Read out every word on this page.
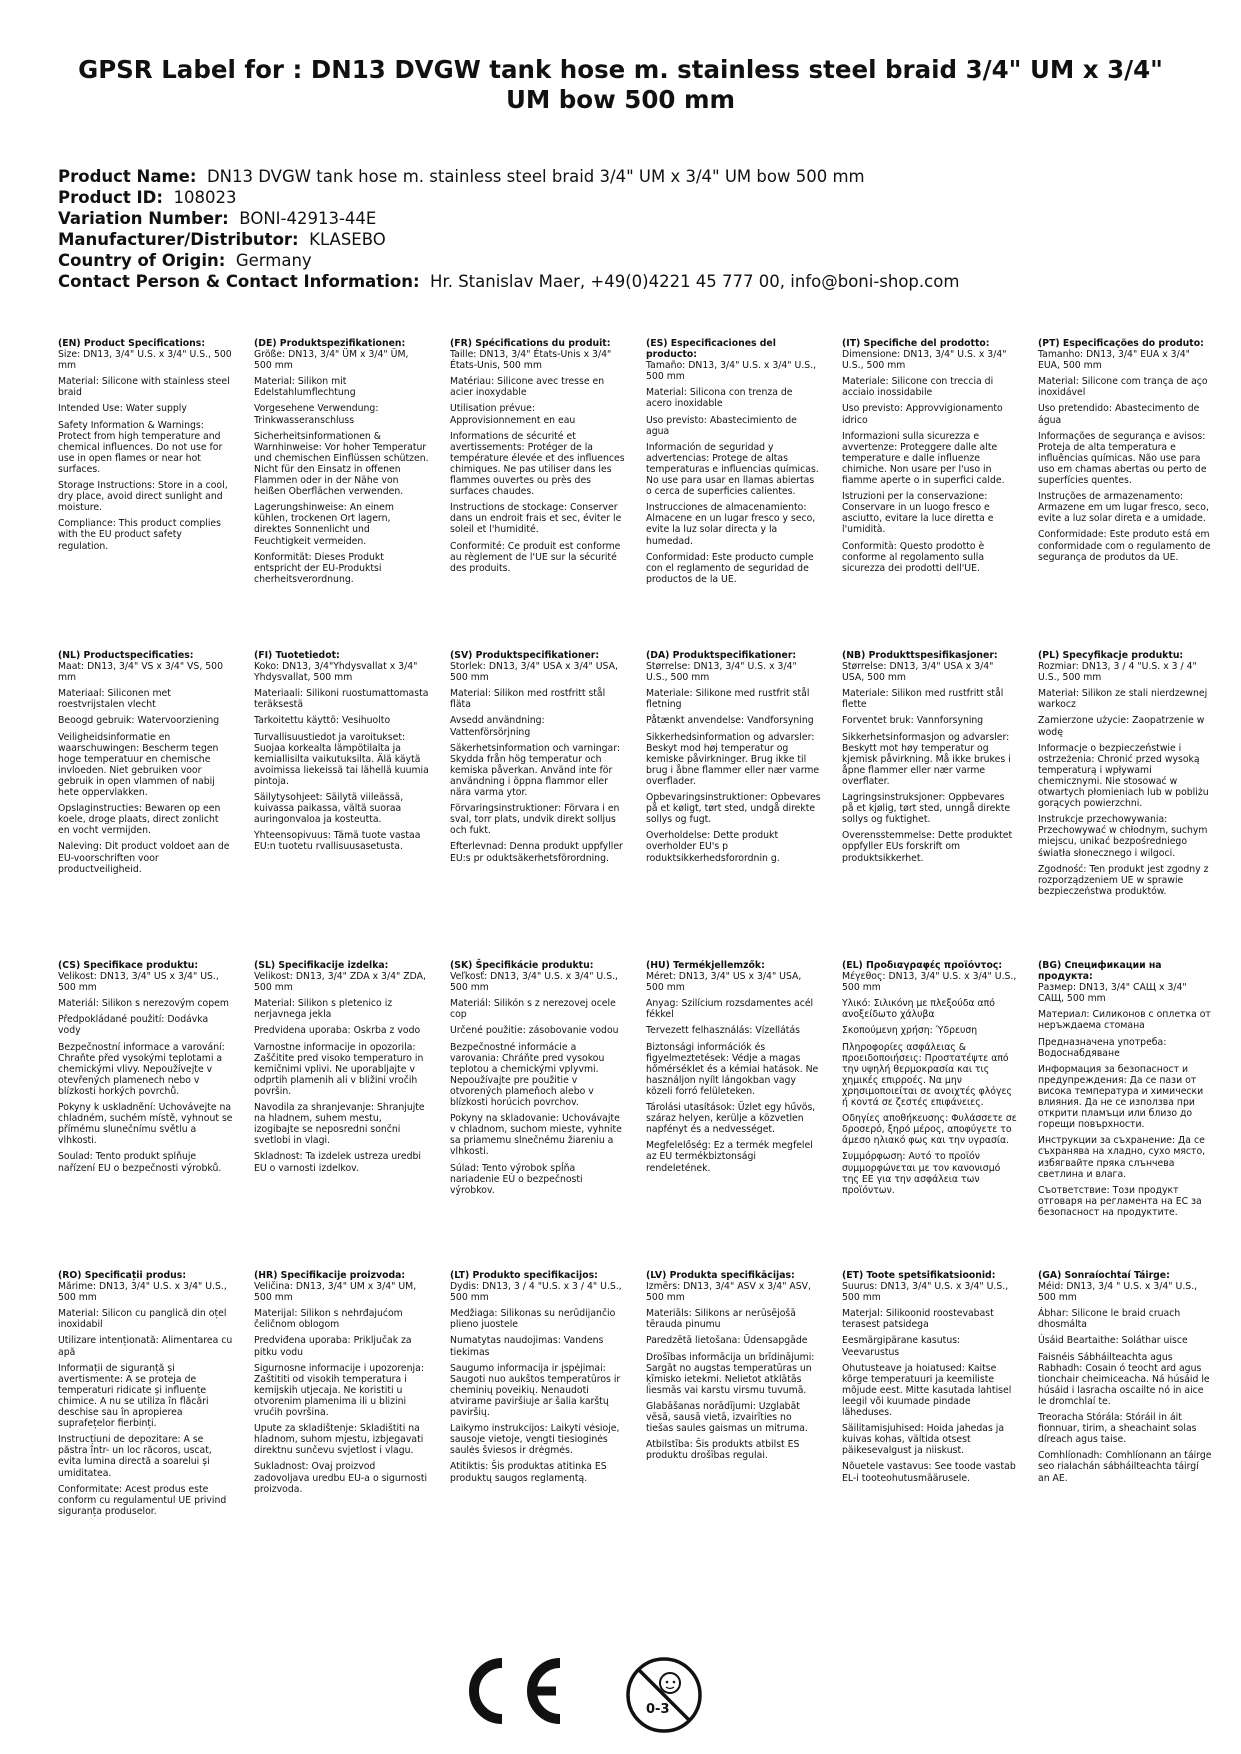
GPSR Label for : DN13 DVGW tank hose m. stainless steel braid 3/4" UM x 3/4" UM bow 500 mm
Product Name: DN13 DVGW tank hose m. stainless steel braid 3/4" UM x 3/4" UM bow 500 mm
Product ID: 108023
Variation Number: BONI-42913-44E
Manufacturer/Distributor: KLASEBO
Country of Origin: Germany
Contact Person & Contact Information: Hr. Stanislav Maer, +49(0)4221 45 777 00, info@boni-shop.com
(EN) Product Specifications:
Size: DN13, 3/4" U.S. x 3/4" U.S., 500 mm
Material: Silicone with stainless steel braid
Intended Use: Water supply
Safety Information & Warnings: Protect from high temperature and chemical influences. Do not use for use in open flames or near hot surfaces.
Storage Instructions: Store in a cool, dry place, avoid direct sunlight and moisture.
Compliance: This product complies with the EU product safety regulation.
(DE) Produktspezifikationen:
Größe: DN13, 3/4" ÜM x 3/4" ÜM, 500 mm
Material: Silikon mit Edelstahlumflechtung
Vorgesehene Verwendung: Trinkwasseranschluss
Sicherheitsinformationen & Warnhinweise: Vor hoher Temperatur und chemischen Einflüssen schützen. Nicht für den Einsatz in offenen Flammen oder in der Nähe von heißen Oberflächen verwenden.
Lagerungshinweise: An einem kühlen, trockenen Ort lagern, direktes Sonnenlicht und Feuchtigkeit vermeiden.
Konformität: Dieses Produkt entspricht der EU-Produktsi cherheitsverordnung.
(FR) Spécifications du produit:
Taille: DN13, 3/4" États-Unis x 3/4" États-Unis, 500 mm
Matériau: Silicone avec tresse en acier inoxydable
Utilisation prévue: Approvisionnement en eau
Informations de sécurité et avertissements: Protéger de la température élevée et des influences chimiques. Ne pas utiliser dans les flammes ouvertes ou près des surfaces chaudes.
Instructions de stockage: Conserver dans un endroit frais et sec, éviter le soleil et l'humidité.
Conformité: Ce produit est conforme au règlement de l'UE sur la sécurité des produits.
(ES) Especificaciones del producto:
Tamaño: DN13, 3/4" U.S. x 3/4" U.S., 500 mm
Material: Silicona con trenza de acero inoxidable
Uso previsto: Abastecimiento de agua
Información de seguridad y advertencias: Protege de altas temperaturas e influencias químicas. No use para usar en llamas abiertas o cerca de superficies calientes.
Instrucciones de almacenamiento: Almacene en un lugar fresco y seco, evite la luz solar directa y la humedad.
Conformidad: Este producto cumple con el reglamento de seguridad de productos de la UE.
(IT) Specifiche del prodotto:
Dimensione: DN13, 3/4" U.S. x 3/4" U.S., 500 mm
Materiale: Silicone con treccia di acciaio inossidabile
Uso previsto: Approvvigionamento idrico
Informazioni sulla sicurezza e avvertenze: Proteggere dalle alte temperature e dalle influenze chimiche. Non usare per l'uso in fiamme aperte o in superfici calde.
Istruzioni per la conservazione: Conservare in un luogo fresco e asciutto, evitare la luce diretta e l'umidità.
Conformità: Questo prodotto è conforme al regolamento sulla sicurezza dei prodotti dell'UE.
(PT) Especificações do produto:
Tamanho: DN13, 3/4" EUA x 3/4" EUA, 500 mm
Material: Silicone com trança de aço inoxidável
Uso pretendido: Abastecimento de água
Informações de segurança e avisos: Proteja de alta temperatura e influências químicas. Não use para uso em chamas abertas ou perto de superfícies quentes.
Instruções de armazenamento: Armazene em um lugar fresco, seco, evite a luz solar direta e a umidade.
Conformidade: Este produto está em conformidade com o regulamento de segurança de produtos da UE.
(NL) Productspecificaties:
Maat: DN13, 3/4" VS x 3/4" VS, 500 mm
Materiaal: Siliconen met roestvrijstalen vlecht
Beoogd gebruik: Watervoorziening
Veiligheidsinformatie en waarschuwingen: Bescherm tegen hoge temperatuur en chemische invloeden. Niet gebruiken voor gebruik in open vlammen of nabij hete oppervlakken.
Opslaginstructies: Bewaren op een koele, droge plaats, direct zonlicht en vocht vermijden.
Naleving: Dit product voldoet aan de EU-voorschriften voor productveiligheid.
(FI) Tuotetiedot:
Koko: DN13, 3/4"Yhdysvallat x 3/4" Yhdysvallat, 500 mm
Materiaali: Silikoni ruostumattomasta teräksestä
Tarkoitettu käyttö: Vesihuolto
Turvallisuustiedot ja varoitukset: Suojaa korkealta lämpötilalta ja kemiallisilta vaikutuksilta. Älä käytä avoimissa liekeissä tai lähellä kuumia pintoja.
Säilytysohjeet: Säilytä viileässä, kuivassa paikassa, vältä suoraa auringonvaloa ja kosteutta.
Yhteensopivuus: Tämä tuote vastaa EU:n tuotetu rvallisuusasetusta.
(SV) Produktspecifikationer:
Storlek: DN13, 3/4" USA x 3/4" USA, 500 mm
Material: Silikon med rostfritt stål fläta
Avsedd användning: Vattenförsörjning
Säkerhetsinformation och varningar: Skydda från hög temperatur och kemiska påverkan. Använd inte för användning i öppna flammor eller nära varma ytor.
Förvaringsinstruktioner: Förvara i en sval, torr plats, undvik direkt solljus och fukt.
Efterlevnad: Denna produkt uppfyller EU:s pr oduktsäkerhetsförordning.
(DA) Produktspecifikationer:
Størrelse: DN13, 3/4" U.S. x 3/4" U.S., 500 mm
Materiale: Silikone med rustfrit stål fletning
Påtænkt anvendelse: Vandforsyning
Sikkerhedsinformation og advarsler: Beskyt mod høj temperatur og kemiske påvirkninger. Brug ikke til brug i åbne flammer eller nær varme overflader.
Opbevaringsinstruktioner: Opbevares på et køligt, tørt sted, undgå direkte sollys og fugt.
Overholdelse: Dette produkt overholder EU's p roduktsikkerhedsforordnin g.
(NB) Produkttspesifikasjoner:
Størrelse: DN13, 3/4" USA x 3/4" USA, 500 mm
Materiale: Silikon med rustfritt stål flette
Forventet bruk: Vannforsyning
Sikkerhetsinformasjon og advarsler: Beskytt mot høy temperatur og kjemisk påvirkning. Må ikke brukes i åpne flammer eller nær varme overflater.
Lagringsinstruksjoner: Oppbevares på et kjølig, tørt sted, unngå direkte sollys og fuktighet.
Overensstemmelse: Dette produktet oppfyller EUs forskrift om produktsikkerhet.
(PL) Specyfikacje produktu:
Rozmiar: DN13, 3 / 4 "U.S. x 3 / 4" U.S., 500 mm
Materiał: Silikon ze stali nierdzewnej warkocz
Zamierzone użycie: Zaopatrzenie w wodę
Informacje o bezpieczeństwie i ostrzeżenia: Chronić przed wysoką temperaturą i wpływami chemicznymi. Nie stosować w otwartych płomieniach lub w pobliżu gorących powierzchni.
Instrukcje przechowywania: Przechowywać w chłodnym, suchym miejscu, unikać bezpośredniego światła słonecznego i wilgoci.
Zgodność: Ten produkt jest zgodny z rozporządzeniem UE w sprawie bezpieczeństwa produktów.
(CS) Specifikace produktu:
Velikost: DN13, 3/4" US x 3/4" US., 500 mm
Materiál: Silikon s nerezovým copem
Předpokládané použití: Dodávka vody
Bezpečnostní informace a varování: Chraňte před vysokými teplotami a chemickými vlivy. Nepoužívejte v otevřených plamenech nebo v blízkosti horkých povrchů.
Pokyny k uskladnění: Uchovávejte na chladném, suchém místě, vyhnout se přímému slunečnímu světlu a vlhkosti.
Soulad: Tento produkt splňuje nařízení EU o bezpečnosti výrobků.
(SL) Specifikacije izdelka:
Velikost: DN13, 3/4" ZDA x 3/4" ZDA, 500 mm
Material: Silikon s pletenico iz nerjavnega jekla
Predvidena uporaba: Oskrba z vodo
Varnostne informacije in opozorila: Zaščitite pred visoko temperaturo in kemičnimi vplivi. Ne uporabljajte v odprtih plamenih ali v bližini vročih površin.
Navodila za shranjevanje: Shranjujte na hladnem, suhem mestu, izogibajte se neposredni sončni svetlobi in vlagi.
Skladnost: Ta izdelek ustreza uredbi EU o varnosti izdelkov.
(SK) Špecifikácie produktu:
Veľkosť: DN13, 3/4" U.S. x 3/4" U.S., 500 mm
Materiál: Silikón s z nerezovej ocele cop
Určené použitie: zásobovanie vodou
Bezpečnostné informácie a varovania: Chráňte pred vysokou teplotou a chemickými vplyvmi. Nepoužívajte pre použitie v otvorených plameňoch alebo v blízkosti horúcich povrchov.
Pokyny na skladovanie: Uchovávajte v chladnom, suchom mieste, vyhnite sa priamemu slnečnému žiareniu a vlhkosti.
Súlad: Tento výrobok spĺňa nariadenie EÚ o bezpečnosti výrobkov.
(HU) Termékjellemzők:
Méret: DN13, 3/4" US x 3/4" USA, 500 mm
Anyag: Szilícium rozsdamentes acél fékkel
Tervezett felhasználás: Vízellátás
Biztonsági információk és figyelmeztetések: Védje a magas hőmérséklet és a kémiai hatások. Ne használjon nyílt lángokban vagy közeli forró felületeken.
Tárolási utasítások: Üzlet egy hűvös, száraz helyen, kerülje a közvetlen napfényt és a nedvességet.
Megfelelőség: Ez a termék megfelel az EU termékbiztonsági rendeletének.
(EL) Προδιαγραφές προϊόντος:
Μέγεθος: DN13, 3/4" U.S. x 3/4" U.S., 500 mm
Υλικό: Σιλικόνη με πλεξούδα από ανοξείδωτο χάλυβα
Σκοπούμενη χρήση: Ύδρευση
Πληροφορίες ασφάλειας & προειδοποιήσεις: Προστατέψτε από την υψηλή θερμοκρασία και τις χημικές επιρροές. Να μην χρησιμοποιείται σε ανοιχτές φλόγες ή κοντά σε ζεστές επιφάνειες.
Οδηγίες αποθήκευσης: Φυλάσσετε σε δροσερό, ξηρό μέρος, αποφύγετε το άμεσο ηλιακό φως και την υγρασία.
Συμμόρφωση: Αυτό το προϊόν συμμορφώνεται με τον κανονισμό της ΕΕ για την ασφάλεια των προϊόντων.
(BG) Спецификации на продукта:
Размер: DN13, 3/4" САЩ x 3/4" САЩ, 500 mm
Материал: Силиконов с оплетка от неръждаема стомана
Предназначена употреба: Водоснабдяване
Информация за безопасност и предупреждения: Да се пази от висока температура и химически влияния. Да не се използва при открити пламъци или близо до горещи повърхности.
Инструкции за съхранение: Да се съхранява на хладно, сухо място, избягвайте пряка слънчева светлина и влага.
Съответствие: Този продукт отговаря на регламента на ЕС за безопасност на продуктите.
(RO) Specificații produs:
Mărime: DN13, 3/4" U.S. x 3/4" U.S., 500 mm
Material: Silicon cu panglică din oțel inoxidabil
Utilizare intenționată: Alimentarea cu apă
Informații de siguranță și avertismente: A se proteja de temperaturi ridicate și influențe chimice. A nu se utiliza în flăcări deschise sau în apropierea suprafețelor fierbinți.
Instrucțiuni de depozitare: A se păstra într- un loc răcoros, uscat, evita lumina directă a soarelui și umiditatea.
Conformitate: Acest produs este conform cu regulamentul UE privind siguranța produselor.
(HR) Specifikacije proizvoda:
Veličina: DN13, 3/4" UM x 3/4" UM, 500 mm
Materijal: Silikon s nehrđajućom čeličnom oblogom
Predviđena uporaba: Priključak za pitku vodu
Sigurnosne informacije i upozorenja: Zaštititi od visokih temperatura i kemijskih utjecaja. Ne koristiti u otvorenim plamenima ili u blizini vrućih površina.
Upute za skladištenje: Skladištiti na hladnom, suhom mjestu, izbjegavati direktnu sunčevu svjetlost i vlagu.
Sukladnost: Ovaj proizvod zadovoljava uredbu EU-a o sigurnosti proizvoda.
(LT) Produkto specifikacijos:
Dydis: DN13, 3 / 4 "U.S. x 3 / 4" U.S., 500 mm
Medžiaga: Silikonas su nerūdijančio plieno juostele
Numatytas naudojimas: Vandens tiekimas
Saugumo informacija ir įspėjimai: Saugoti nuo aukštos temperatūros ir cheminių poveikių. Nenaudoti atvirame paviršiuje ar šalia karštų paviršių.
Laikymo instrukcijos: Laikyti vėsioje, sausoje vietoje, vengti tiesioginės saulės šviesos ir drėgmės.
Atitiktis: Šis produktas atitinka ES produktų saugos reglamentą.
(LV) Produkta specifikācijas:
Izmērs: DN13, 3/4" ASV x 3/4" ASV, 500 mm
Materiāls: Silikons ar nerūsējošā tērauda pinumu
Paredzētā lietošana: Ūdensapgāde
Drošības informācija un brīdinājumi: Sargāt no augstas temperatūras un ķīmisko ietekmi. Nelietot atklātās liesmās vai karstu virsmu tuvumā.
Glabāšanas norādījumi: Uzglabāt vēsā, sausā vietā, izvairīties no tiešas saules gaismas un mitruma.
Atbilstība: Šis produkts atbilst ES produktu drošības regulai.
(ET) Toote spetsifikatsioonid:
Suurus: DN13, 3/4" U.S. x 3/4" U.S., 500 mm
Materjal: Silikoonid roostevabast terasest patsidega
Eesmärgipärane kasutus: Veevarustus
Ohutusteave ja hoiatused: Kaitse kõrge temperatuuri ja keemiliste mõjude eest. Mitte kasutada lahtisel leegil või kuumade pindade läheduses.
Säilitamisjuhised: Hoida jahedas ja kuivas kohas, vältida otsest päikesevalgust ja niiskust.
Nõuetele vastavus: See toode vastab EL-i tooteohutusmäärusele.
(GA) Sonraíochtaí Táirge:
Méid: DN13, 3/4 " U.S. x 3/4" U.S., 500 mm
Ábhar: Silicone le braid cruach dhosmálta
Úsáid Beartaithe: Soláthar uisce
Faisnéis Sábháilteachta agus Rabhadh: Cosain ó teocht ard agus tionchair cheimiceacha. Ná húsáid le húsáid i lasracha oscailte nó in aice le dromchlaí te.
Treoracha Stórála: Stóráil in áit fionnuar, tirim, a sheachaint solas díreach agus taise.
Comhlíonadh: Comhlíonann an táirge seo rialachán sábháilteachta táirgí an AE.
0-3
